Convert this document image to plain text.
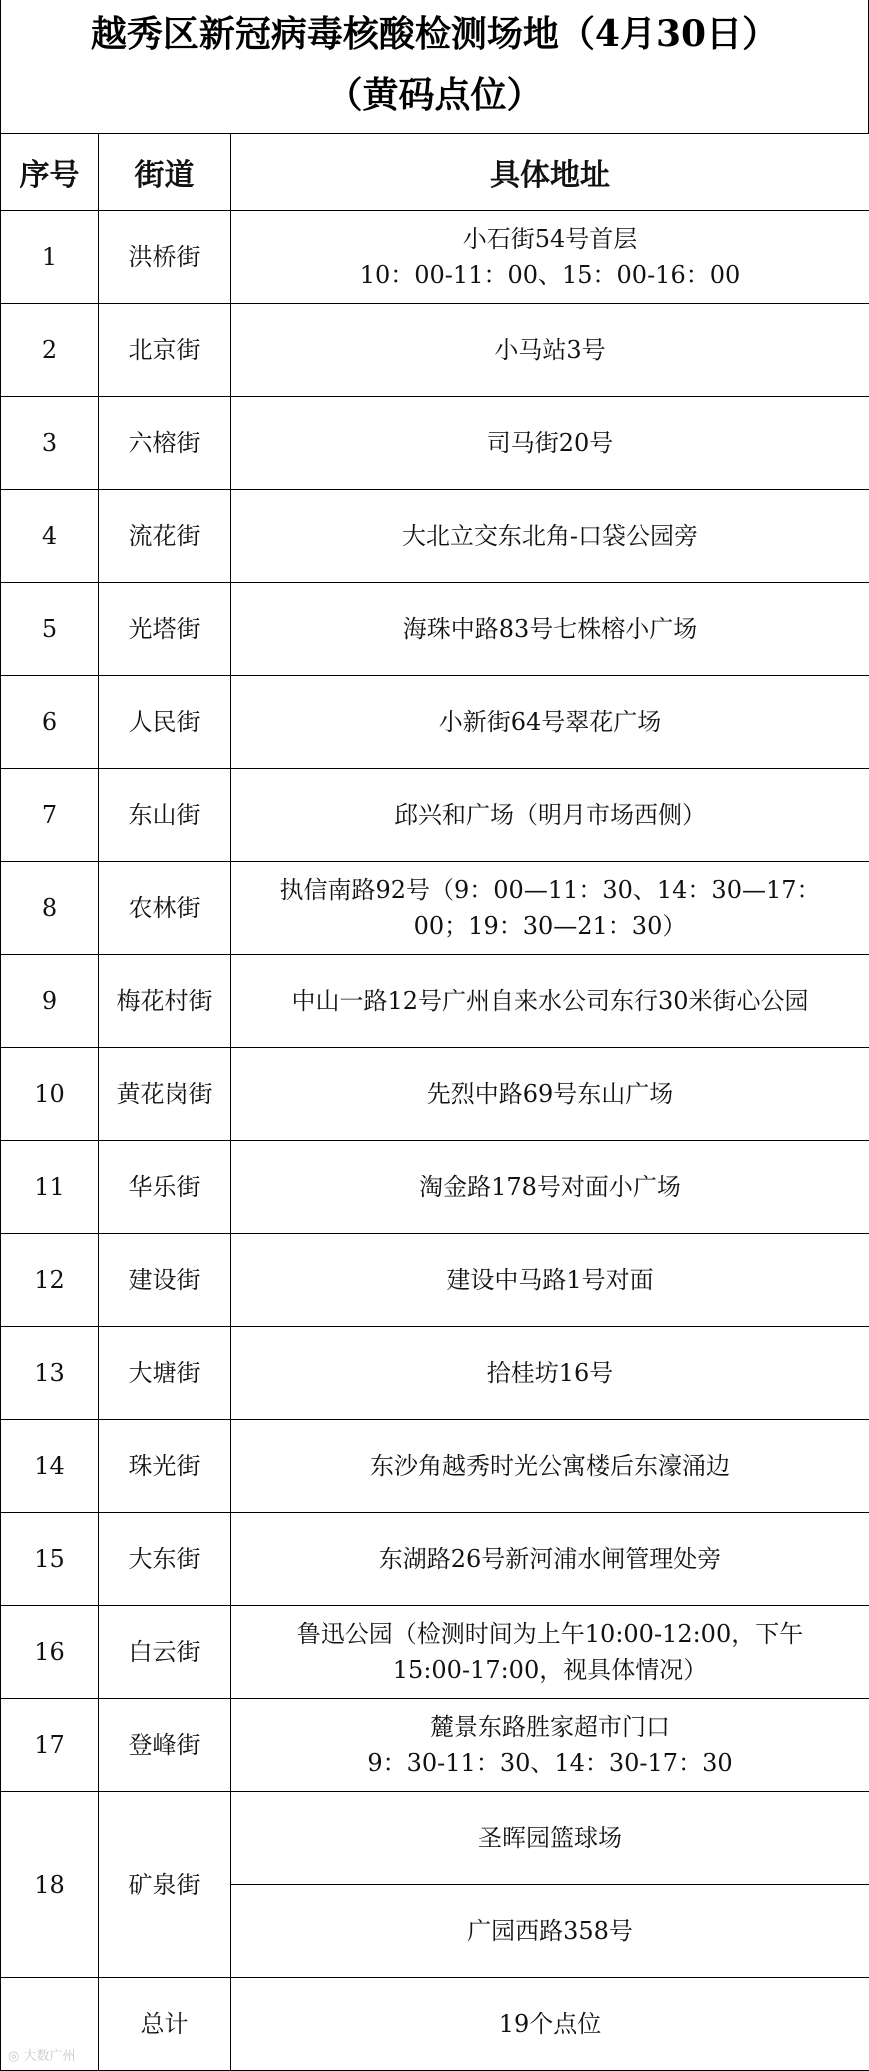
越秀区新冠病毒核酸检测场地（4月30日）
（黄码点位）
序号	街道	具体地址
1	洪桥街	小石街54号首层
10：00-11：00、15：00-16：00

2	北京街	小马站3号

3	六榕街	司马街20号

4	流花街	大北立交东北角-口袋公园旁

5	光塔街	海珠中路83号七株榕小广场

6	人民街	小新街64号翠花广场

7	东山街	邱兴和广场（明月市场西侧）

8	农林街	执信南路92号（9：00—11：30、14：30—17：
00；19：30—21：30）

9	梅花村街	中山一路12号广州自来水公司东行30米街心公园

10	黄花岗街	先烈中路69号东山广场

11	华乐街	淘金路178号对面小广场

12	建设街	建设中马路1号对面

13	大塘街	拾桂坊16号

14	珠光街	东沙角越秀时光公寓楼后东濠涌边

15	大东街	东湖路26号新河浦水闸管理处旁

16	白云街	鲁迅公园（检测时间为上午10:00-12:00，下午
15:00-17:00，视具体情况）

17	登峰街	麓景东路胜家超市门口
9：30-11：30、14：30-17：30

18	矿泉街	圣晖园篮球场

		广园西路358号

	总计	19个点位
◎ 大数广州
